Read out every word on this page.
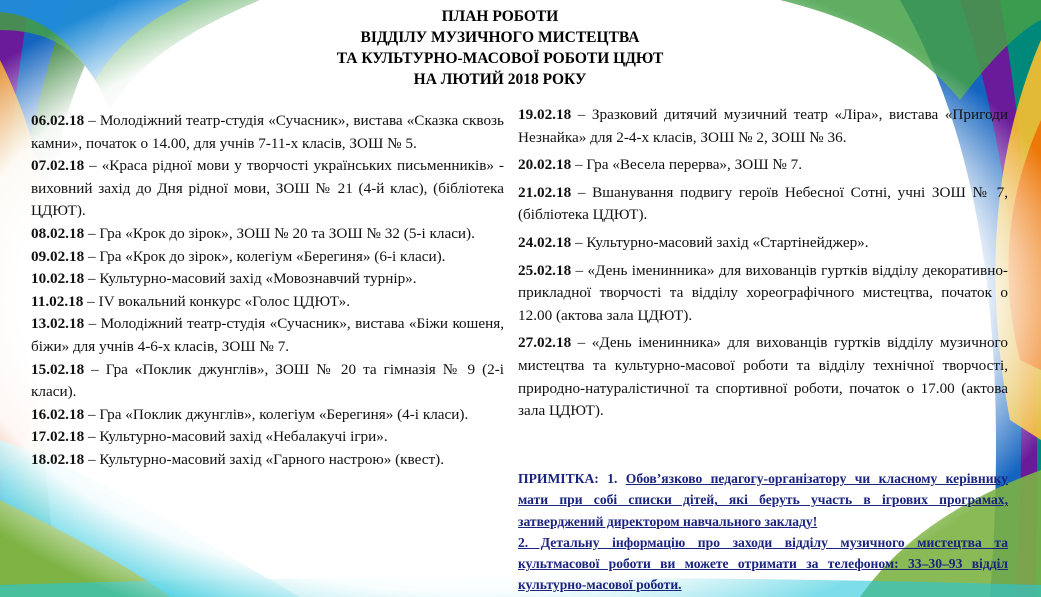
ПЛАН РОБОТИ
ВІДДІЛУ МУЗИЧНОГО МИСТЕЦТВА
ТА КУЛЬТУРНО-МАСОВОЇ РОБОТИ ЦДЮТ
НА ЛЮТИЙ 2018 РОКУ

06.02.18 – Молодіжний театр-студія «Сучасник», вистава «Сказка сквозь камни», початок о 14.00, для учнів 7-11-х класів, ЗОШ № 5.

07.02.18 – «Краса рідної мови у творчості українських письменників» - виховний захід до Дня рідної мови, ЗОШ № 21 (4-й клас), (бібліотека ЦДЮТ).

08.02.18 – Гра «Крок до зірок», ЗОШ № 20 та ЗОШ № 32 (5-і класи).

09.02.18 – Гра «Крок до зірок», колегіум «Берегиня» (6-і класи).

10.02.18 – Культурно-масовий захід «Мовознавчий турнір».

11.02.18 – IV вокальний конкурс «Голос ЦДЮТ».

13.02.18 – Молодіжний театр-студія «Сучасник», вистава «Біжи кошеня, біжи» для учнів 4-6-х класів, ЗОШ № 7.

15.02.18 – Гра «Поклик джунглів», ЗОШ № 20 та гімназія № 9 (2-і класи).

16.02.18 – Гра «Поклик джунглів», колегіум «Берегиня» (4-і класи).

17.02.18 – Культурно-масовий захід «Небалакучі ігри».

18.02.18 – Культурно-масовий захід «Гарного настрою» (квест).

19.02.18 – Зразковий дитячий музичний театр «Ліра», вистава «Пригоди Незнайка» для 2-4-х класів, ЗОШ № 2, ЗОШ № 36.

20.02.18 – Гра «Весела перерва», ЗОШ № 7.

21.02.18 – Вшанування подвигу героїв Небесної Сотні, учні ЗОШ № 7, (бібліотека ЦДЮТ).

24.02.18 – Культурно-масовий захід «Стартінейджер».

25.02.18 – «День іменинника» для вихованців гуртків відділу декоративно-прикладної творчості та відділу хореографічного мистецтва, початок о 12.00 (актова зала ЦДЮТ).

27.02.18 – «День іменинника» для вихованців гуртків відділу музичного мистецтва та культурно-масової роботи та відділу технічної творчості, природно-натуралістичної та спортивної роботи, початок о 17.00 (актова зала ЦДЮТ).

ПРИМІТКА: 1. Обов’язково педагогу-організатору чи класному керівнику мати при собі списки дітей, які беруть участь в ігрових програмах, затверджений директором навчального закладу!
2. Детальну інформацію про заходи відділу музичного мистецтва та культмасової роботи ви можете отримати за телефоном: 33–30–93 відділ культурно-масової роботи.
